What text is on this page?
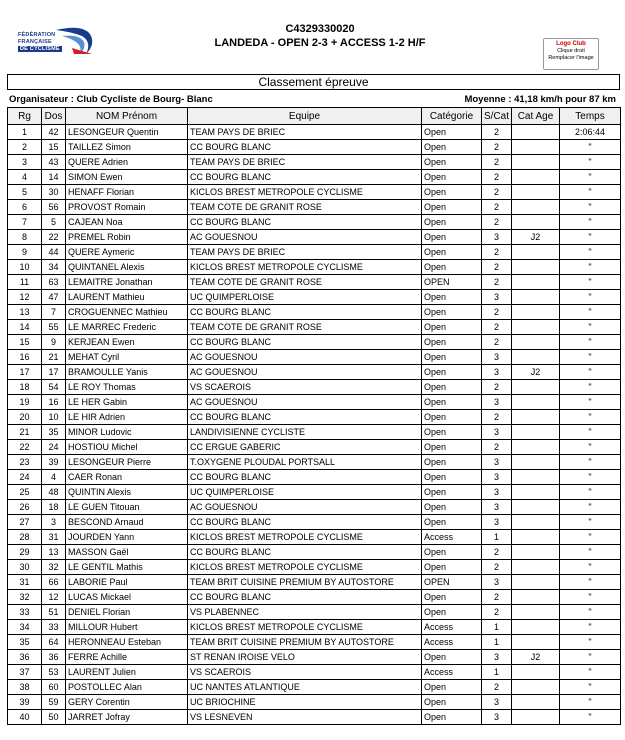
FÉDÉRATION
FRANÇAISE
DE CYCLISME
C4329330020
LANDEDA - OPEN 2-3 + ACCESS 1-2 H/F	Logo Club
Clique droit
Remplacer l'image
Classement épreuve
Organisateur : Club Cycliste de Bourg- Blanc	Moyenne : 41,18 km/h pour 87 km
Rg	Dos	NOM Prénom	Equipe	Catégorie	S/Cat	Cat Age	Temps
1	42	LESONGEUR Quentin	TEAM PAYS DE BRIEC	Open	2		2:06:44
2	15	TAILLEZ Simon	CC BOURG BLANC	Open	2		"
3	43	QUERE Adrien	TEAM PAYS DE BRIEC	Open	2		"
4	14	SIMON Ewen	CC BOURG BLANC	Open	2		"
5	30	HENAFF Florian	KICLOS BREST METROPOLE CYCLISME	Open	2		"
6	56	PROVOST Romain	TEAM COTE DE GRANIT ROSE	Open	2		"
7	5	CAJEAN Noa	CC BOURG BLANC	Open	2		"
8	22	PREMEL Robin	AC GOUESNOU	Open	3	J2	"
9	44	QUERE Aymeric	TEAM PAYS DE BRIEC	Open	2		"
10	34	QUINTANEL Alexis	KICLOS BREST METROPOLE CYCLISME	Open	2		"
11	63	LEMAITRE Jonathan	TEAM COTE DE GRANIT ROSE	OPEN	2		"
12	47	LAURENT Mathieu	UC QUIMPERLOISE	Open	3		"
13	7	CROGUENNEC Mathieu	CC BOURG BLANC	Open	2		"
14	55	LE MARREC Frederic	TEAM COTE DE GRANIT ROSE	Open	2		"
15	9	KERJEAN Ewen	CC BOURG BLANC	Open	2		"
16	21	MEHAT Cyril	AC GOUESNOU	Open	3		"
17	17	BRAMOULLE Yanis	AC GOUESNOU	Open	3	J2	"
18	54	LE ROY Thomas	VS SCAEROIS	Open	2		"
19	16	LE HER Gabin	AC GOUESNOU	Open	3		"
20	10	LE HIR Adrien	CC BOURG BLANC	Open	2		"
21	35	MINOR Ludovic	LANDIVISIENNE CYCLISTE	Open	3		"
22	24	HOSTIOU Michel	CC ERGUE GABERIC	Open	2		"
23	39	LESONGEUR Pierre	T.OXYGENE PLOUDAL PORTSALL	Open	3		"
24	4	CAER Ronan	CC BOURG BLANC	Open	3		"
25	48	QUINTIN Alexis	UC QUIMPERLOISE	Open	3		"
26	18	LE GUEN Titouan	AC GOUESNOU	Open	3		"
27	3	BESCOND Arnaud	CC BOURG BLANC	Open	3		"
28	31	JOURDEN Yann	KICLOS BREST METROPOLE CYCLISME	Access	1		"
29	13	MASSON Gaël	CC BOURG BLANC	Open	2		"
30	32	LE GENTIL Mathis	KICLOS BREST METROPOLE CYCLISME	Open	2		"
31	66	LABORIE Paul	TEAM BRIT CUISINE PREMIUM BY AUTOSTORE	OPEN	3		"
32	12	LUCAS Mickael	CC BOURG BLANC	Open	2		"
33	51	DENIEL Florian	VS PLABENNEC	Open	2		"
34	33	MILLOUR Hubert	KICLOS BREST METROPOLE CYCLISME	Access	1		"
35	64	HERONNEAU Esteban	TEAM BRIT CUISINE PREMIUM BY AUTOSTORE	Access	1		"
36	36	FERRE Achille	ST RENAN IROISE VELO	Open	3	J2	"
37	53	LAURENT Julien	VS SCAEROIS	Access	1		"
38	60	POSTOLLEC Alan	UC NANTES ATLANTIQUE	Open	2		"
39	59	GERY Corentin	UC BRIOCHINE	Open	3		"
40	50	JARRET Jofray	VS LESNEVEN	Open	3		"
